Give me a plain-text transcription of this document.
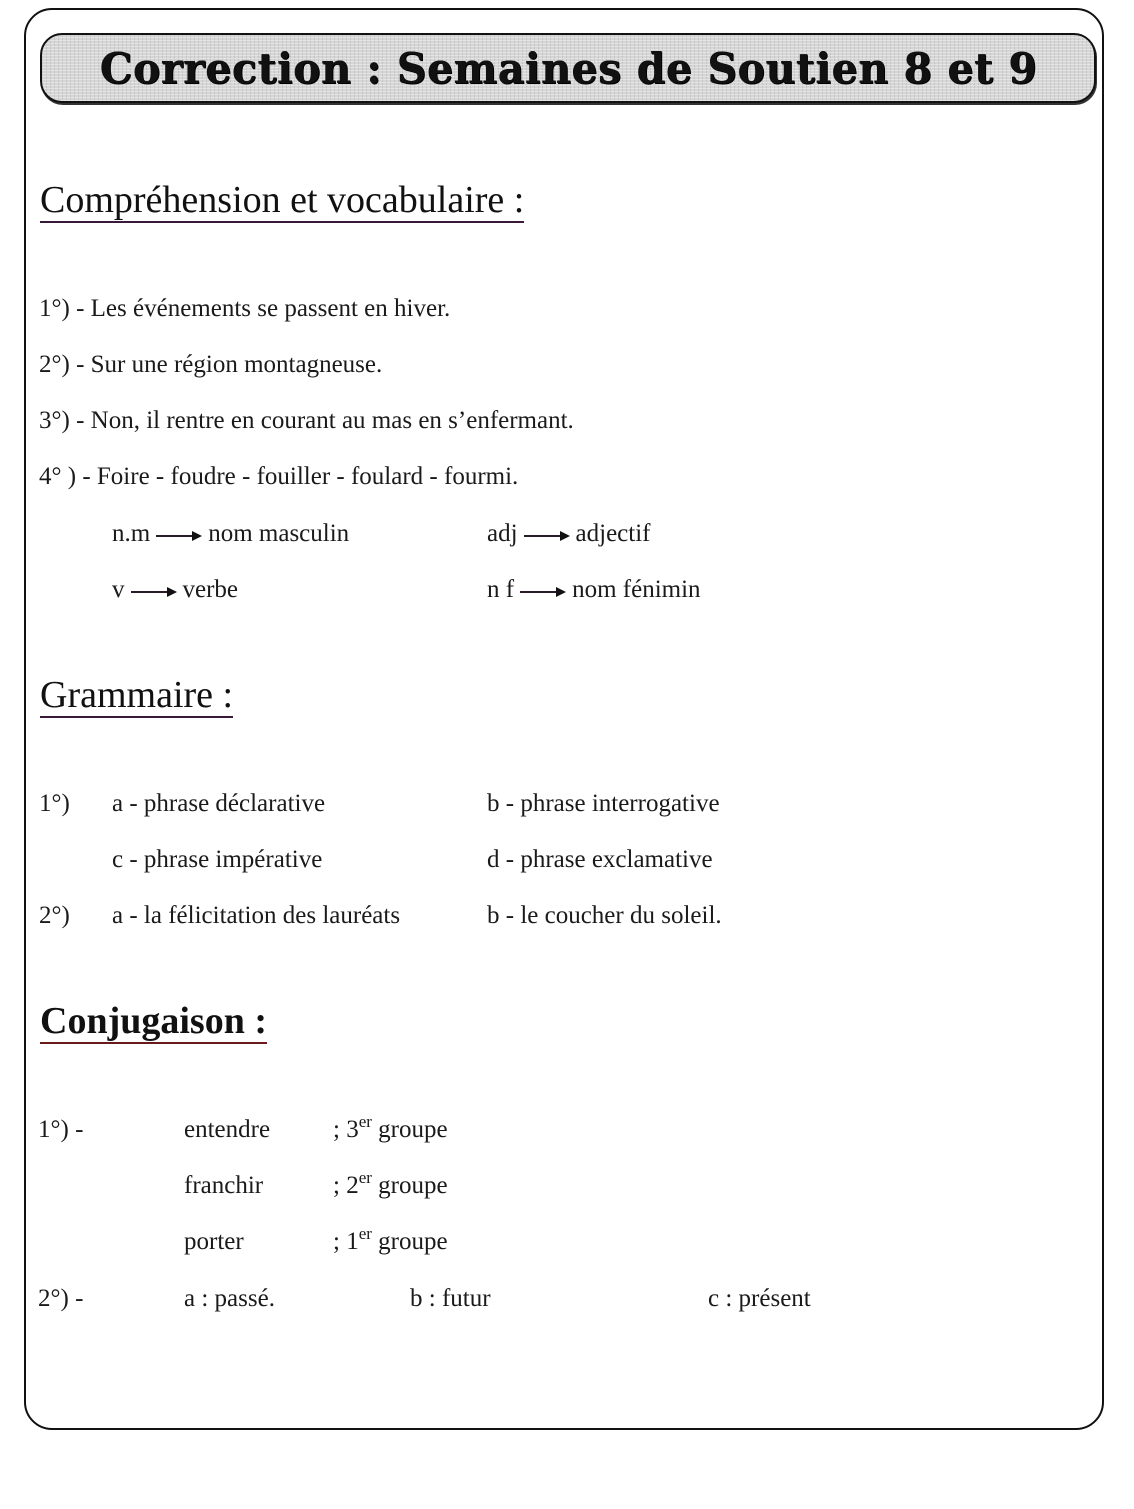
Correction : Semaines de Soutien 8 et 9
Compréhension et vocabulaire :
1°) - Les événements se passent en hiver.
2°) - Sur une région montagneuse.
3°) - Non, il rentre en courant au mas en s’enfermant.
4° ) - Foire - foudre - fouiller - foulard - fourmi.
n.m nom masculin	adj adjectif
v verbe	n f nom fénimin
Grammaire :
1°) a - phrase déclarative	b - phrase interrogative
c - phrase impérative	d - phrase exclamative
2°) a - la félicitation des lauréats	b - le coucher du soleil.
Conjugaison :
1°) -	entendre	; 3er groupe
franchir	; 2er groupe
porter	; 1er groupe
2°) -	a : passé.	b : futur	c : présent
